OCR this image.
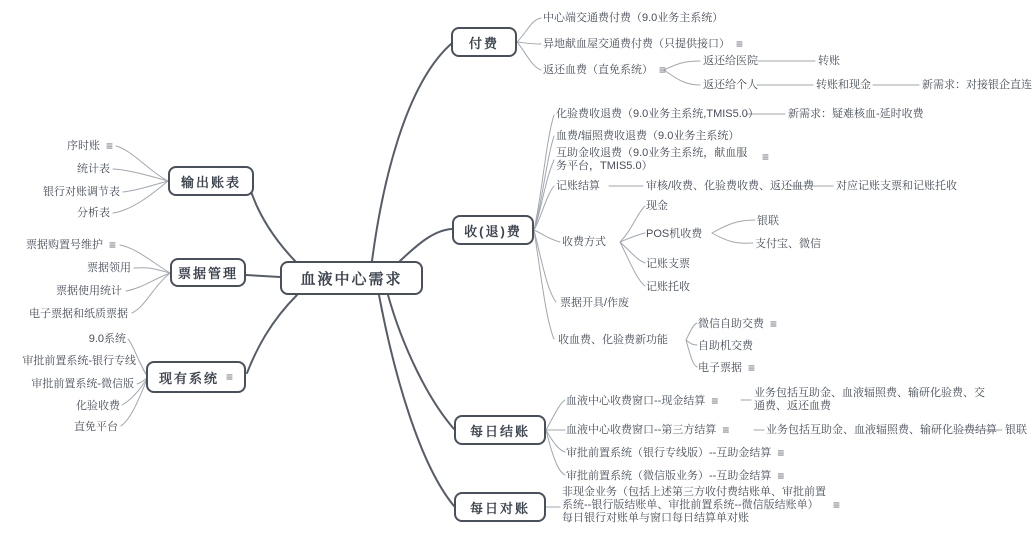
血液中心需求
输出账表
票据管理
现有系统 ≡
付费
收(退)费
每日结账
每日对账
序时账 ≡
统计表
银行对账调节表
分析表
票据购置号维护 ≡
票据领用
票据使用统计
电子票据和纸质票据
9.0系统
审批前置系统-银行专线
审批前置系统-微信版
化验收费
直免平台
中心端交通费付费（9.0业务主系统）
异地献血屋交通费付费（只提供接口） ≡
返还血费（直免系统） ≡
返还给医院	转账
返还给个人	转账和现金	新需求：对接银企直连
化验费收退费（9.0业务主系统,TMIS5.0）	新需求：疑难核血-延时收费
血费/辐照费收退费（9.0业务主系统）
互助金收退费（9.0业务主系统，献血服务平台，TMIS5.0）
≡
记账结算	审核/收费、化验费收费、返还血费 对应记账支票和记账托收
收费方式
现金
POS机收费
银联
支付宝、微信
记账支票
记账托收
票据开具/作废
收血费、化验费新功能
微信自助交费 ≡
自助机交费
电子票据 ≡
血液中心收费窗口--现金结算 ≡
业务包括互助金、血液辐照费、输研化验费、交通费、返还血费
血液中心收费窗口--第三方结算 ≡	业务包括互助金、血液辐照费、输研化验费结算 银联
审批前置系统（银行专线版）--互助金结算 ≡
审批前置系统（微信版业务）--互助金结算 ≡
非现金业务（包括上述第三方收付费结账单、审批前置系统--银行版结账单、审批前置系统--微信版结账单）每日银行对账单与窗口每日结算单对账
≡
